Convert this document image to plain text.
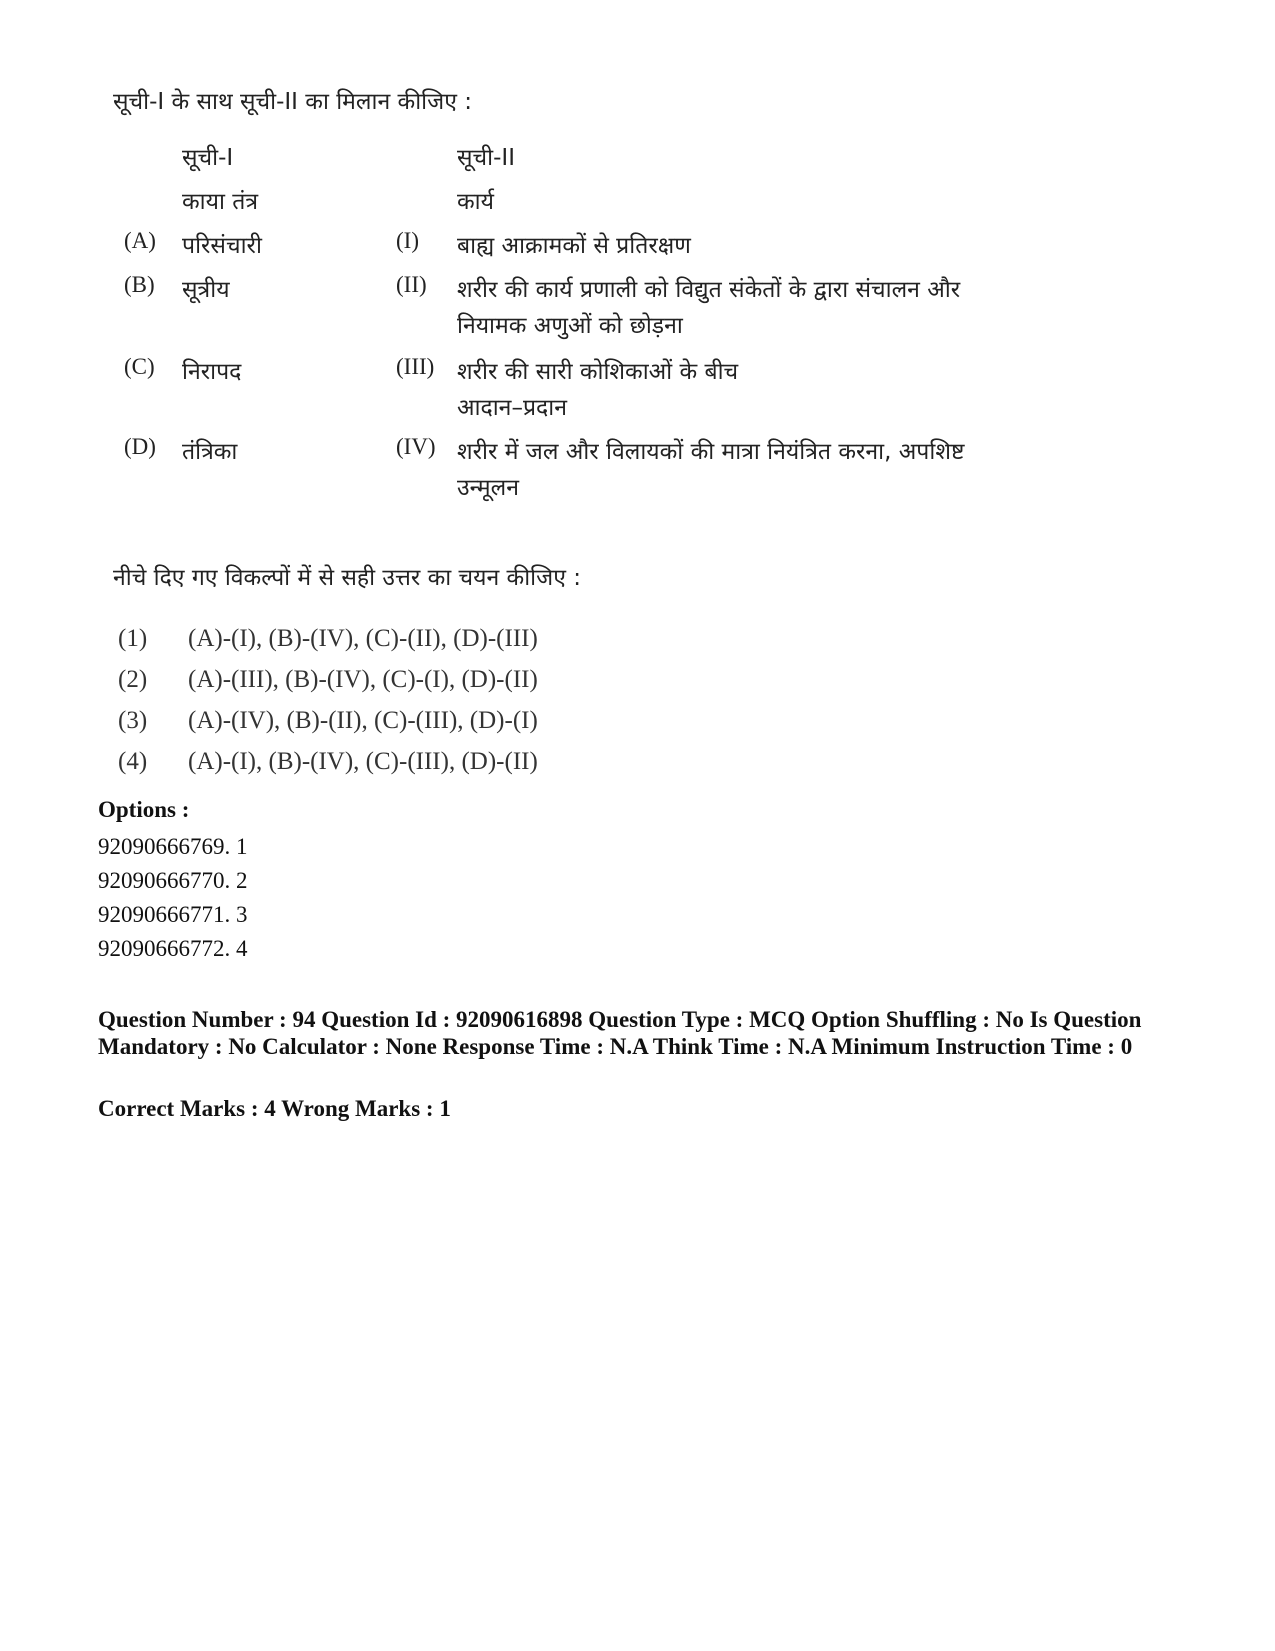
सूची-I के साथ सूची-II का मिलान कीजिए :
सूची-I	सूची-II
काया तंत्र	कार्य
(A) परिसंचारी	(I) बाह्य आक्रामकों से प्रतिरक्षण
(B) सूत्रीय	(II) शरीर की कार्य प्रणाली को विद्युत संकेतों के द्वारा संचालन और नियामक अणुओं को छोड़ना
(C) निरापद	(III) शरीर की सारी कोशिकाओं के बीच आदान–प्रदान
(D) तंत्रिका	(IV) शरीर में जल और विलायकों की मात्रा नियंत्रित करना, अपशिष्ट उन्मूलन
नीचे दिए गए विकल्पों में से सही उत्तर का चयन कीजिए :
(1) (A)-(I), (B)-(IV), (C)-(II), (D)-(III)
(2) (A)-(III), (B)-(IV), (C)-(I), (D)-(II)
(3) (A)-(IV), (B)-(II), (C)-(III), (D)-(I)
(4) (A)-(I), (B)-(IV), (C)-(III), (D)-(II)
Options :
92090666769. 1
92090666770. 2
92090666771. 3
92090666772. 4
Question Number : 94 Question Id : 92090616898 Question Type : MCQ Option Shuffling : No Is Question Mandatory : No Calculator : None Response Time : N.A Think Time : N.A Minimum Instruction Time : 0
Correct Marks : 4 Wrong Marks : 1
